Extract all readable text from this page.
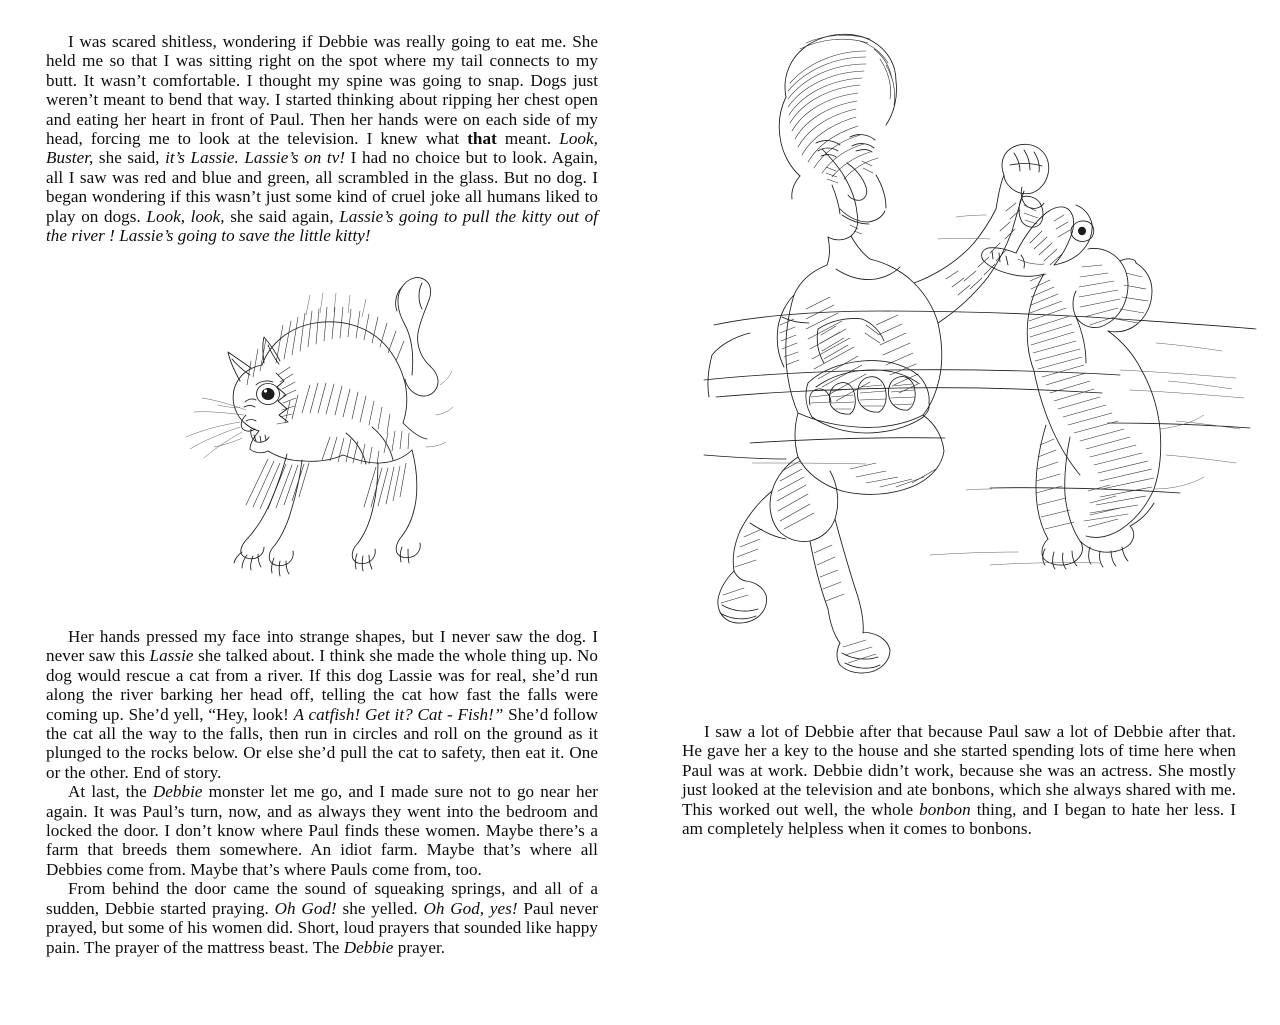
I was scared shitless, wondering if Debbie was really going to eat me. She held me so that I was sitting right on the spot where my tail connects to my butt. It wasn’t comfortable. I thought my spine was going to snap. Dogs just weren’t meant to bend that way. I started thinking about ripping her chest open and eating her heart in front of Paul. Then her hands were on each side of my head, forcing me to look at the television. I knew what that meant. Look, Buster, she said, it’s Lassie. Lassie’s on tv! I had no choice but to look. Again, all I saw was red and blue and green, all scrambled in the glass. But no dog. I began wondering if this wasn’t just some kind of cruel joke all humans liked to play on dogs. Look, look, she said again, Lassie’s going to pull the kitty out of the river ! Lassie’s going to save the little kitty!

Her hands pressed my face into strange shapes, but I never saw the dog. I never saw this Lassie she talked about. I think she made the whole thing up. No dog would rescue a cat from a river. If this dog Lassie was for real, she’d run along the river barking her head off, telling the cat how fast the falls were coming up. She’d yell, “Hey, look! A catfish! Get it? Cat - Fish!” She’d follow the cat all the way to the falls, then run in circles and roll on the ground as it plunged to the rocks below. Or else she’d pull the cat to safety, then eat it. One or the other. End of story.

At last, the Debbie monster let me go, and I made sure not to go near her again. It was Paul’s turn, now, and as always they went into the bedroom and locked the door. I don’t know where Paul finds these women. Maybe there’s a farm that breeds them somewhere. An idiot farm. Maybe that’s where all Debbies come from. Maybe that’s where Pauls come from, too.

From behind the door came the sound of squeaking springs, and all of a sudden, Debbie started praying. Oh God! she yelled. Oh God, yes! Paul never prayed, but some of his women did. Short, loud prayers that sounded like happy pain. The prayer of the mattress beast. The Debbie prayer.

I saw a lot of Debbie after that because Paul saw a lot of Debbie after that. He gave her a key to the house and she started spending lots of time here when Paul was at work. Debbie didn’t work, because she was an actress. She mostly just looked at the television and ate bonbons, which she always shared with me. This worked out well, the whole bonbon thing, and I began to hate her less. I am completely helpless when it comes to bonbons.
